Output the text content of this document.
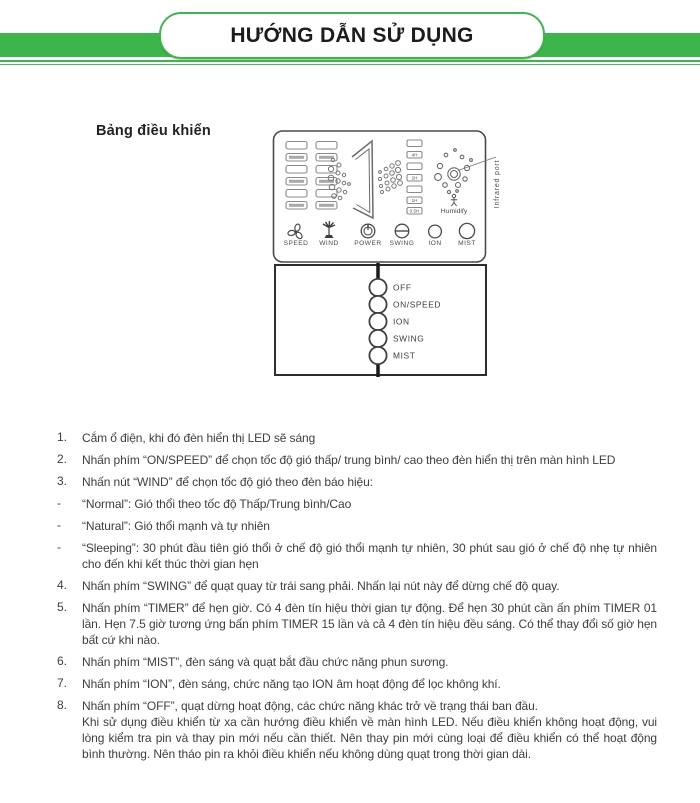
HƯỚNG DẪN SỬ DỤNG
Bảng điều khiển
4H
2H
1H
0.5H
Infrared port
Humidify
SPEED WIND POWER SWING ION	MIST
OFF
ON/SPEED
ION
SWING
MIST
1.	Cắm ổ điện, khi đó đèn hiển thị LED sẽ sáng
2.	Nhấn phím “ON/SPEED” để chọn tốc độ gió thấp/ trung bình/ cao theo đèn hiển thị trên màn hình LED
3.	Nhấn nút “WIND” để chọn tốc độ gió theo đèn báo hiệu:
-	“Normal”: Gió thổi theo tốc độ Thấp/Trung bình/Cao
-	“Natural”: Gió thổi mạnh và tự nhiên
-	“Sleeping”: 30 phút đầu tiên gió thổi ở chế độ gió thổi mạnh tự nhiên, 30 phút sau gió ở chế độ nhẹ tự nhiên cho đến khi kết thúc thời gian hẹn
4.	Nhấn phím “SWING” để quạt quay từ trái sang phải. Nhấn lại nút này để dừng chế độ quay.
5.	Nhấn phím “TIMER” để hẹn giờ. Có 4 đèn tín hiệu thời gian tự động. Để hẹn 30 phút cần ấn phím TIMER 01 lần. Hẹn 7.5 giờ tương ứng bấn phím TIMER 15 lần và cả 4 đèn tín hiệu đều sáng. Có thể thay đổi số giờ hẹn bất cứ khi nào.
6.	Nhấn phím “MIST”, đèn sáng và quạt bắt đầu chức năng phun sương.
7.	Nhấn phím “ION”, đèn sáng, chức năng tạo ION âm hoạt động để lọc không khí.
8.	Nhấn phím “OFF”, quạt dừng hoạt động, các chức năng khác trở về trạng thái ban đầu.
Khi sử dụng điều khiển từ xa cần hướng điều khiển về màn hình LED. Nếu điều khiển không hoạt động, vui lòng kiểm tra pin và thay pin mới nếu cần thiết. Nên thay pin mới cùng loại để điều khiển có thể hoạt động bình thường. Nên tháo pin ra khỏi điều khiển nếu không dùng quạt trong thời gian dài.
